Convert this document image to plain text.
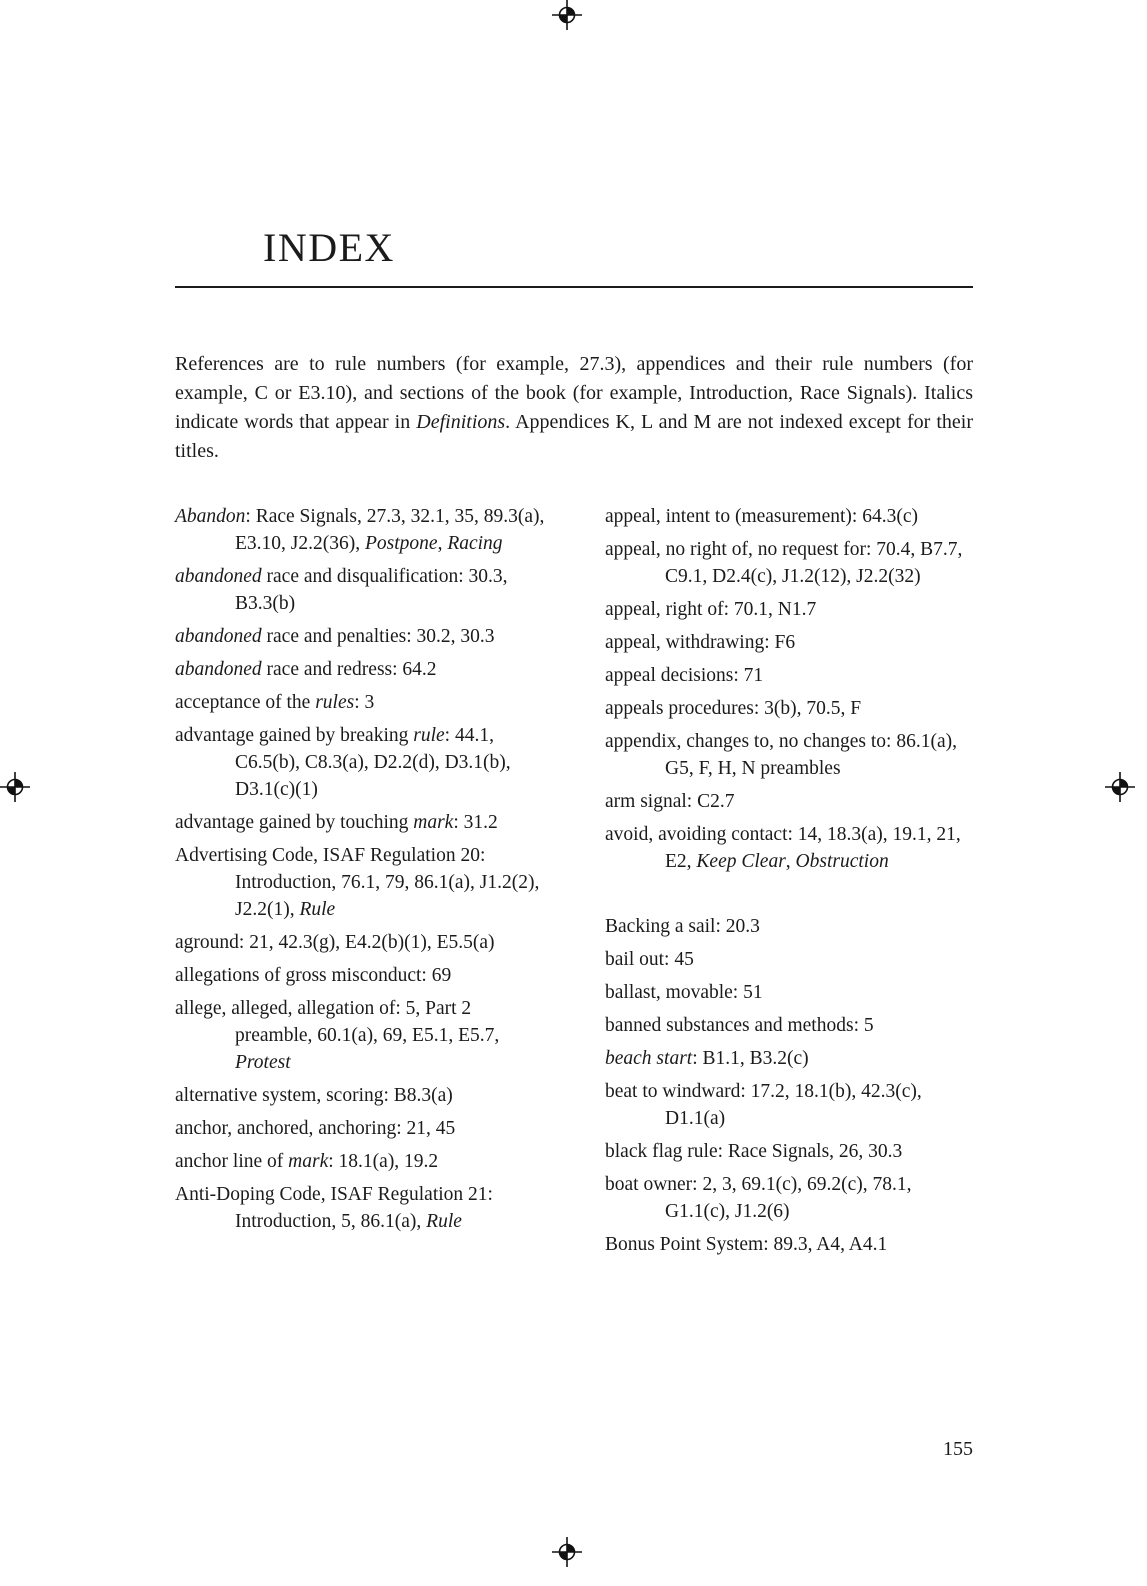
INDEX

References are to rule numbers (for example, 27.3), appendices and their rule numbers (for example, C or E3.10), and sections of the book (for example, Introduction, Race Signals). Italics indicate words that appear in Definitions. Appendices K, L and M are not indexed except for their titles.

Abandon: Race Signals, 27.3, 32.1, 35, 89.3(a), E3.10, J2.2(36), Postpone, Racing
abandoned race and disqualification: 30.3, B3.3(b)
abandoned race and penalties: 30.2, 30.3
abandoned race and redress: 64.2
acceptance of the rules: 3
advantage gained by breaking rule: 44.1, C6.5(b), C8.3(a), D2.2(d), D3.1(b), D3.1(c)(1)
advantage gained by touching mark: 31.2
Advertising Code, ISAF Regulation 20: Introduction, 76.1, 79, 86.1(a), J1.2(2), J2.2(1), Rule
aground: 21, 42.3(g), E4.2(b)(1), E5.5(a)
allegations of gross misconduct: 69
allege, alleged, allegation of: 5, Part 2 preamble, 60.1(a), 69, E5.1, E5.7, Protest
alternative system, scoring: B8.3(a)
anchor, anchored, anchoring: 21, 45
anchor line of mark: 18.1(a), 19.2
Anti-Doping Code, ISAF Regulation 21: Introduction, 5, 86.1(a), Rule
appeal, intent to (measurement): 64.3(c)
appeal, no right of, no request for: 70.4, B7.7, C9.1, D2.4(c), J1.2(12), J2.2(32)
appeal, right of: 70.1, N1.7
appeal, withdrawing: F6
appeal decisions: 71
appeals procedures: 3(b), 70.5, F
appendix, changes to, no changes to: 86.1(a), G5, F, H, N preambles
arm signal: C2.7
avoid, avoiding contact: 14, 18.3(a), 19.1, 21, E2, Keep Clear, Obstruction
Backing a sail: 20.3
bail out: 45
ballast, movable: 51
banned substances and methods: 5
beach start: B1.1, B3.2(c)
beat to windward: 17.2, 18.1(b), 42.3(c), D1.1(a)
black flag rule: Race Signals, 26, 30.3
boat owner: 2, 3, 69.1(c), 69.2(c), 78.1, G1.1(c), J1.2(6)
Bonus Point System: 89.3, A4, A4.1
155
